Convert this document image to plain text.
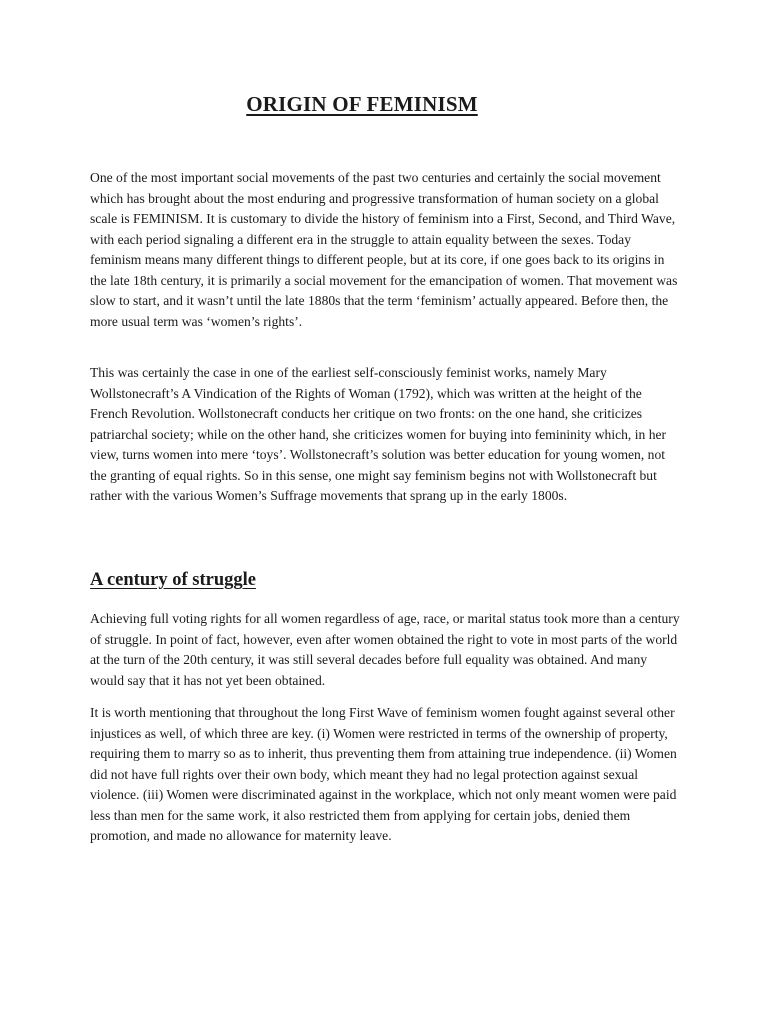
ORIGIN OF FEMINISM

One of the most important social movements of the past two centuries and certainly the social movement which has brought about the most enduring and progressive transformation of human society on a global scale is FEMINISM. It is customary to divide the history of feminism into a First, Second, and Third Wave, with each period signaling a different era in the struggle to attain equality between the sexes. Today feminism means many different things to different people, but at its core, if one goes back to its origins in the late 18th century, it is primarily a social movement for the emancipation of women. That movement was slow to start, and it wasn’t until the late 1880s that the term ‘feminism’ actually appeared. Before then, the more usual term was ‘women’s rights’.

This was certainly the case in one of the earliest self-consciously feminist works, namely Mary Wollstonecraft’s A Vindication of the Rights of Woman (1792), which was written at the height of the French Revolution. Wollstonecraft conducts her critique on two fronts: on the one hand, she criticizes patriarchal society; while on the other hand, she criticizes women for buying into femininity which, in her view, turns women into mere ‘toys’. Wollstonecraft’s solution was better education for young women, not the granting of equal rights. So in this sense, one might say feminism begins not with Wollstonecraft but rather with the various Women’s Suffrage movements that sprang up in the early 1800s.

A century of struggle

Achieving full voting rights for all women regardless of age, race, or marital status took more than a century of struggle. In point of fact, however, even after women obtained the right to vote in most parts of the world at the turn of the 20th century, it was still several decades before full equality was obtained. And many would say that it has not yet been obtained.

It is worth mentioning that throughout the long First Wave of feminism women fought against several other injustices as well, of which three are key. (i) Women were restricted in terms of the ownership of property, requiring them to marry so as to inherit, thus preventing them from attaining true independence. (ii) Women did not have full rights over their own body, which meant they had no legal protection against sexual violence. (iii) Women were discriminated against in the workplace, which not only meant women were paid less than men for the same work, it also restricted them from applying for certain jobs, denied them promotion, and made no allowance for maternity leave.
